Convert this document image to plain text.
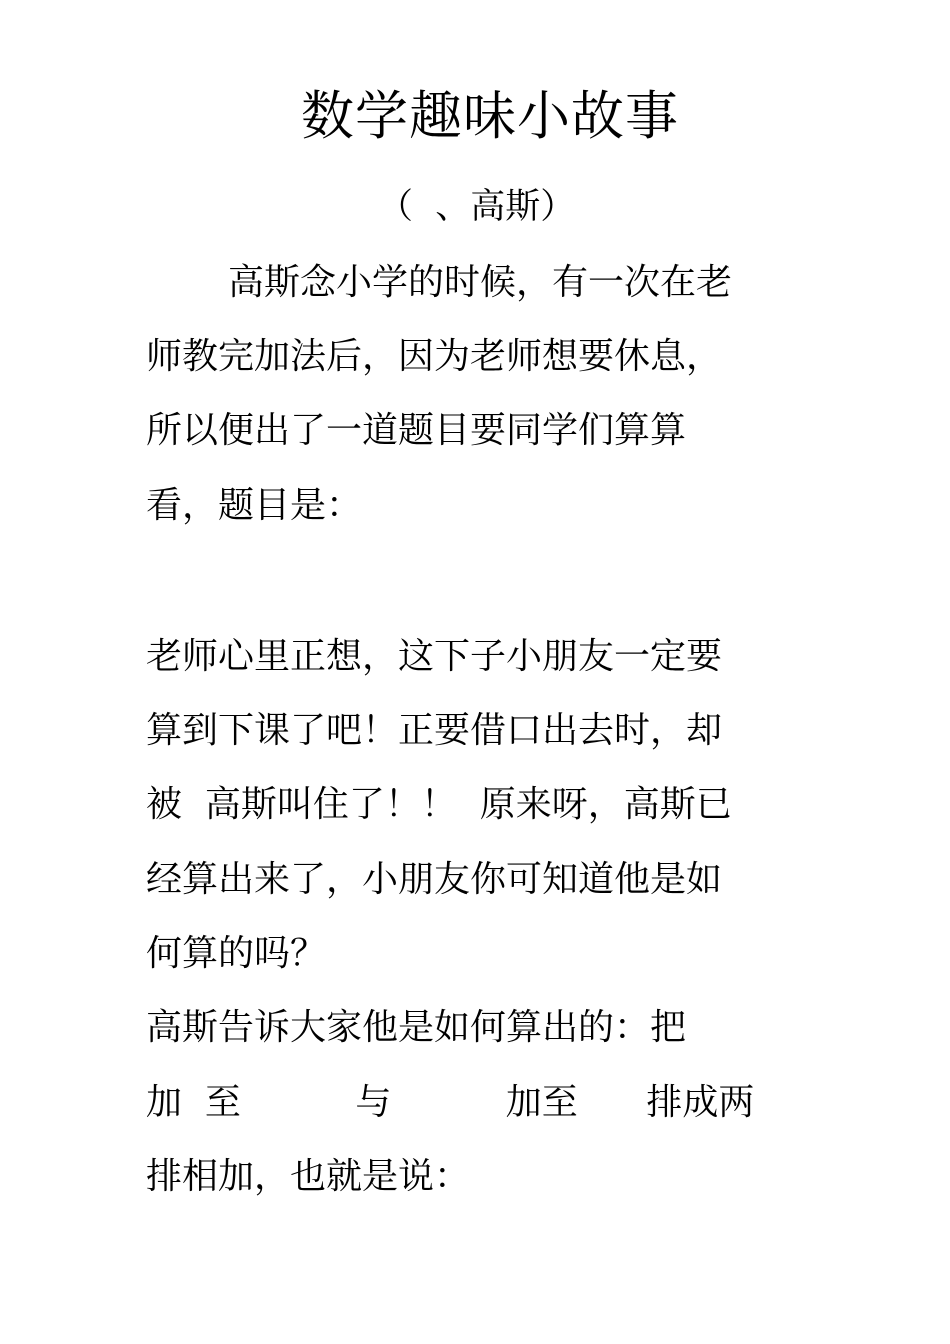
数学趣味小故事
（  、高斯）
高斯念小学的时候，有一次在老
师教完加法后，因为老师想要休息，
所以便出了一道题目要同学们算算
看，题目是：
老师心里正想，这下子小朋友一定要
算到下课了吧！正要借口出去时，却
被  高斯叫住了！！  原来呀，高斯已
经算出来了，小朋友你可知道他是如
何算的吗？
高斯告诉大家他是如何算出的：把
加  至          与          加至      排成两
排相加，也就是说：
